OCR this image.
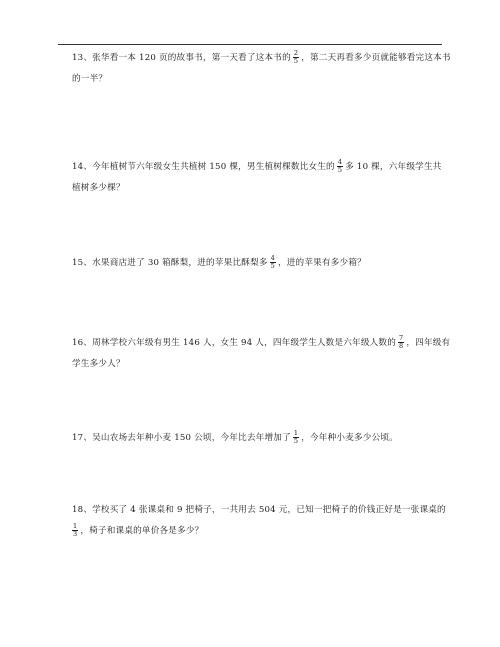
13、张华看一本 120 页的故事书，第一天看了这本书的 $\frac{2}{5}$ ，第二天再看多少页就能够看完这本书
的一半？
14、今年植树节六年级女生共植树 150 棵，男生植树棵数比女生的 $\frac{4}{5}$ 多 10 棵，六年级学生共
植树多少棵？
15、水果商店进了 30 箱酥梨，进的苹果比酥梨多 $\frac{4}{5}$ ，进的苹果有多少箱？
16、周林学校六年级有男生 146 人，女生 94 人，四年级学生人数是六年级人数的 $\frac{7}{8}$ ，四年级有
学生多少人？
17、吴山农场去年种小麦 150 公顷，今年比去年增加了 $\frac{1}{5}$ ，今年种小麦多少公顷。
18、学校买了 4 张课桌和 9 把椅子，一共用去 504 元，已知一把椅子的价钱正好是一张课桌的
$\frac{1}{3}$ ，椅子和课桌的单价各是多少？
